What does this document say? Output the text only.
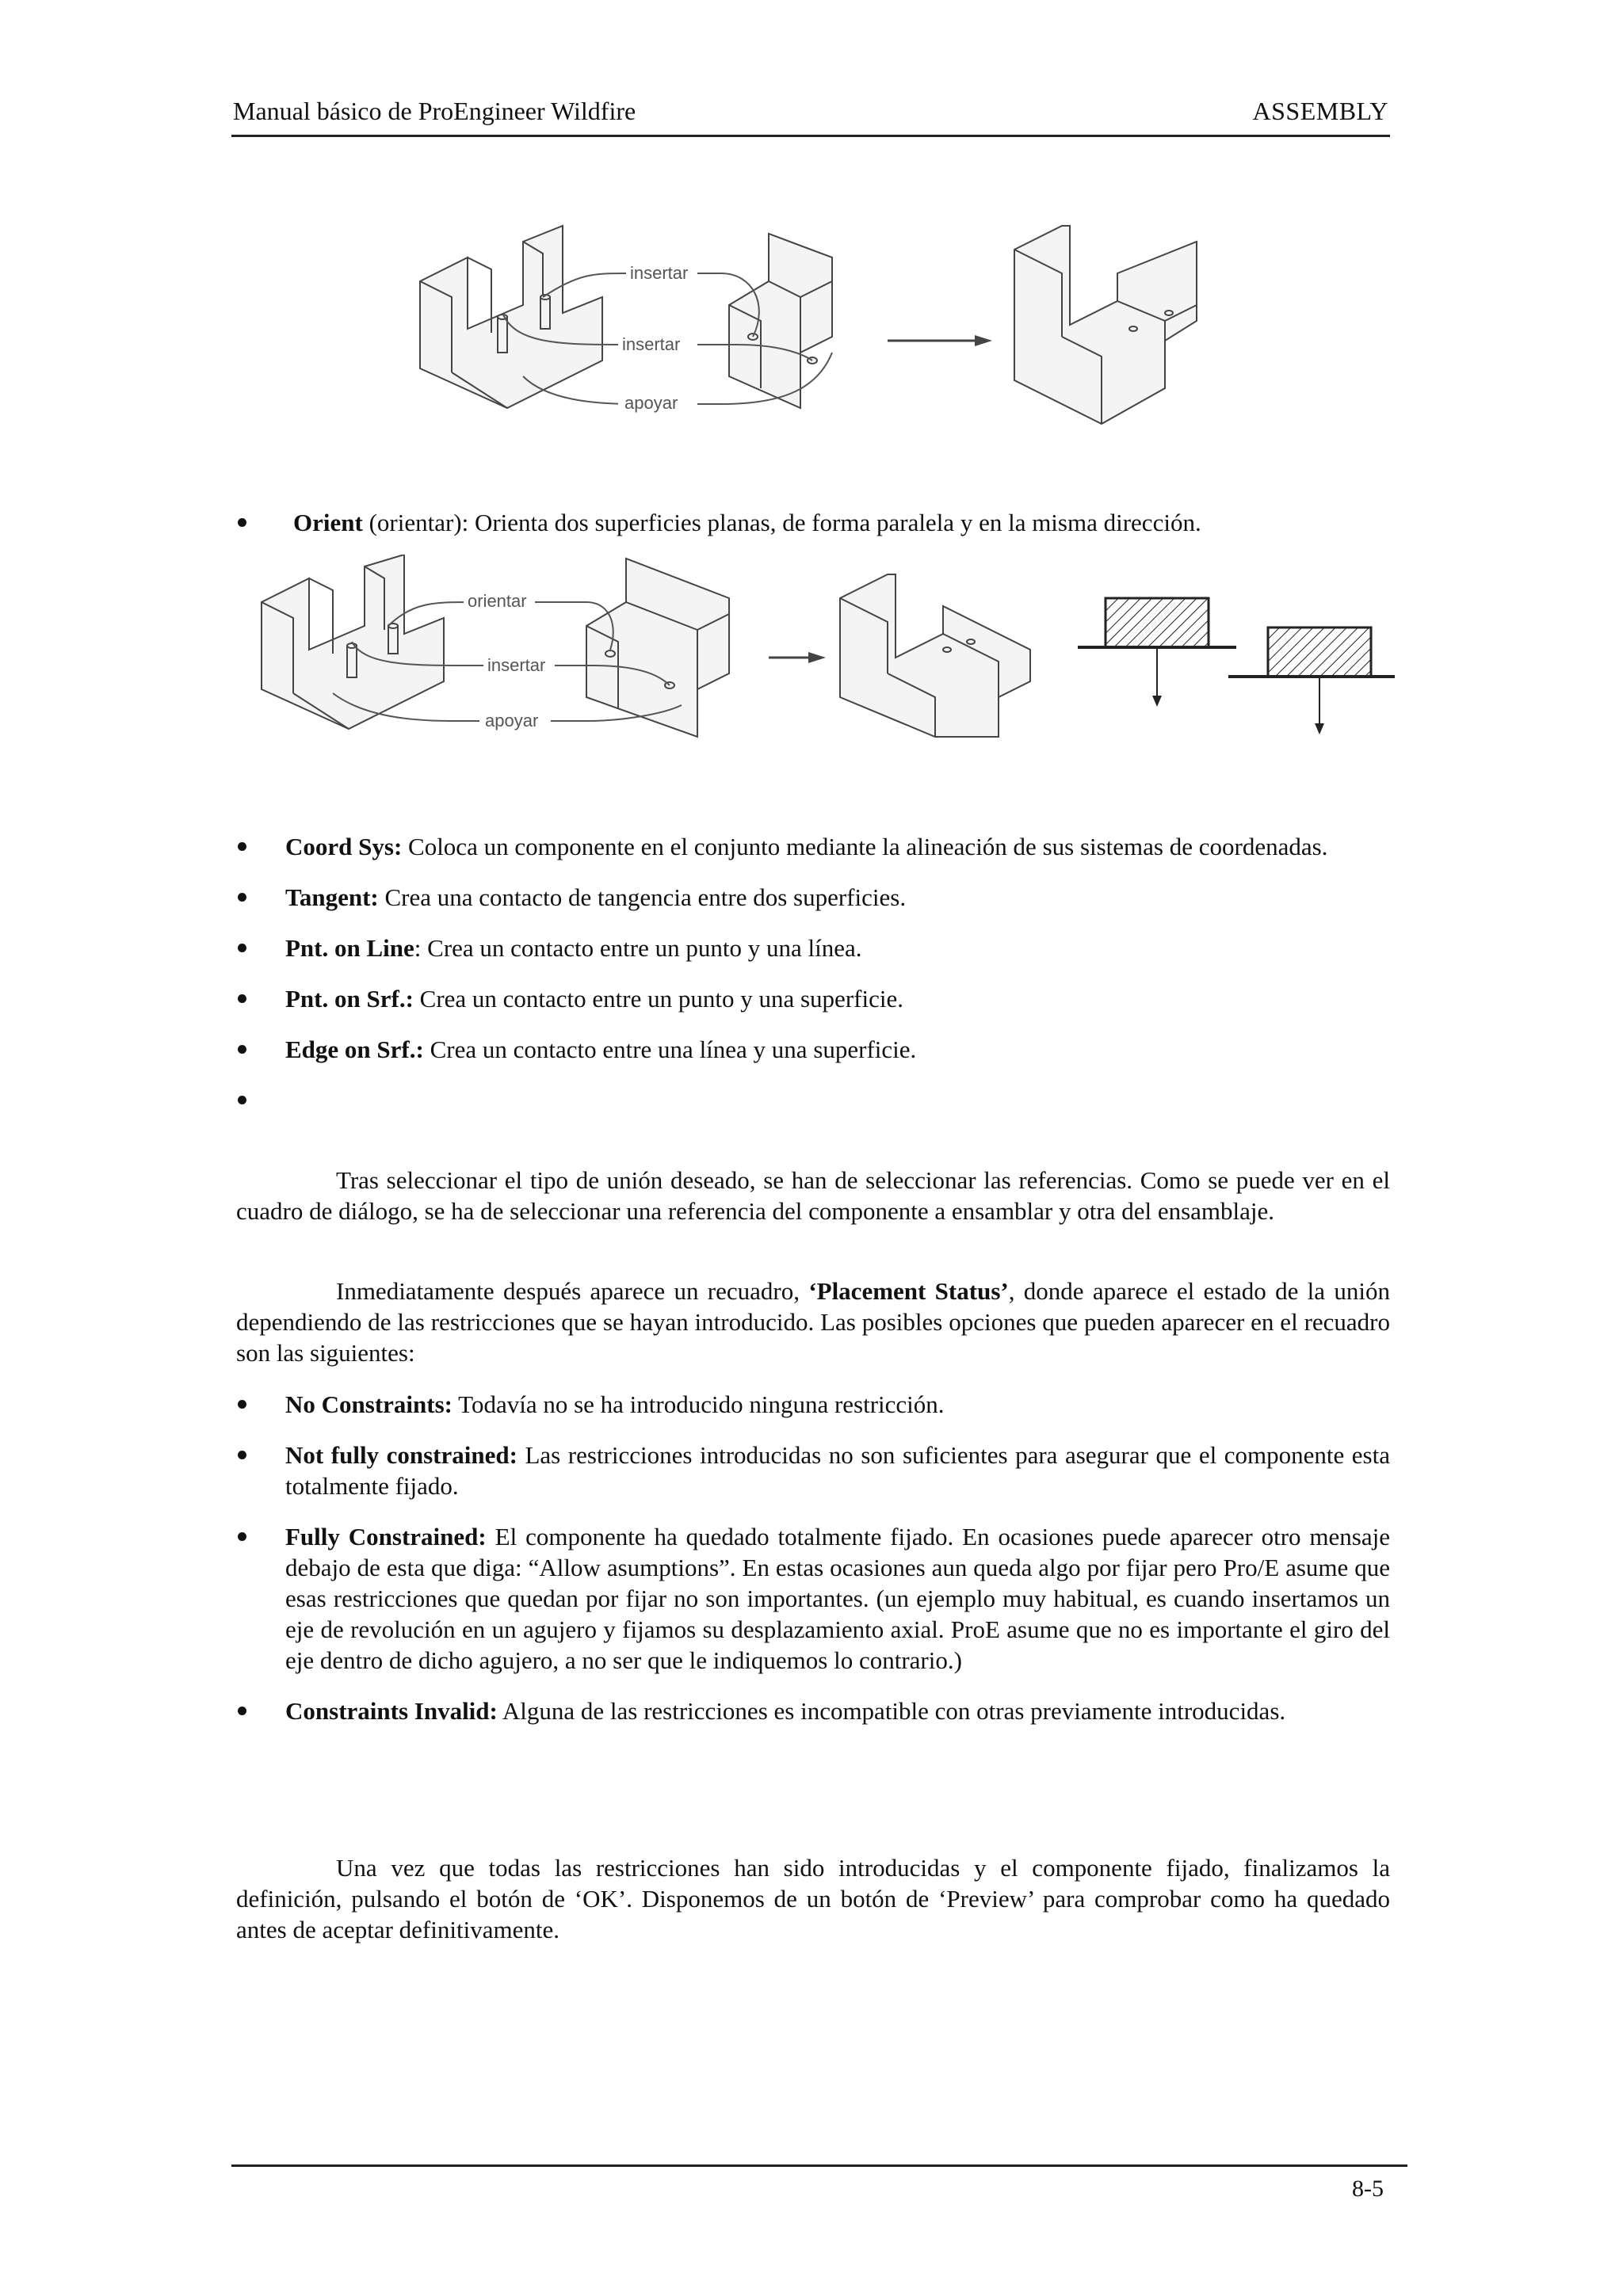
Manual básico de ProEngineer Wildfire	ASSEMBLY
insertar
insertar
apoyar
Orient (orientar): Orienta dos superficies planas, de forma paralela y en la misma dirección.
orientar
insertar
apoyar
Coord Sys: Coloca un componente en el conjunto mediante la alineación de sus sistemas de coordenadas.
Tangent: Crea una contacto de tangencia entre dos superficies.
Pnt. on Line: Crea un contacto entre un punto y una línea.
Pnt. on Srf.: Crea un contacto entre un punto y una superficie.
Edge on Srf.: Crea un contacto entre una línea y una superficie.

Tras seleccionar el tipo de unión deseado, se han de seleccionar las referencias. Como se puede ver en el cuadro de diálogo, se ha de seleccionar una referencia del componente a ensamblar y otra del ensamblaje.

Inmediatamente después aparece un recuadro, ‘Placement Status’, donde aparece el estado de la unión dependiendo de las restricciones que se hayan introducido. Las posibles opciones que pueden aparecer en el recuadro son las siguientes:

No Constraints: Todavía no se ha introducido ninguna restricción.
Not fully constrained: Las restricciones introducidas no son suficientes para asegurar que el componente esta totalmente fijado.
Fully Constrained: El componente ha quedado totalmente fijado. En ocasiones puede aparecer otro mensaje debajo de esta que diga: “Allow asumptions”. En estas ocasiones aun queda algo por fijar pero Pro/E asume que esas restricciones que quedan por fijar no son importantes. (un ejemplo muy habitual, es cuando insertamos un eje de revolución en un agujero y fijamos su desplazamiento axial. ProE asume que no es importante el giro del eje dentro de dicho agujero, a no ser que le indiquemos lo contrario.)
Constraints Invalid: Alguna de las restricciones es incompatible con otras previamente introducidas.

Una vez que todas las restricciones han sido introducidas y el componente fijado, finalizamos la definición, pulsando el botón de ‘OK’. Disponemos de un botón de ‘Preview’ para comprobar como ha quedado antes de aceptar definitivamente.

8-5
